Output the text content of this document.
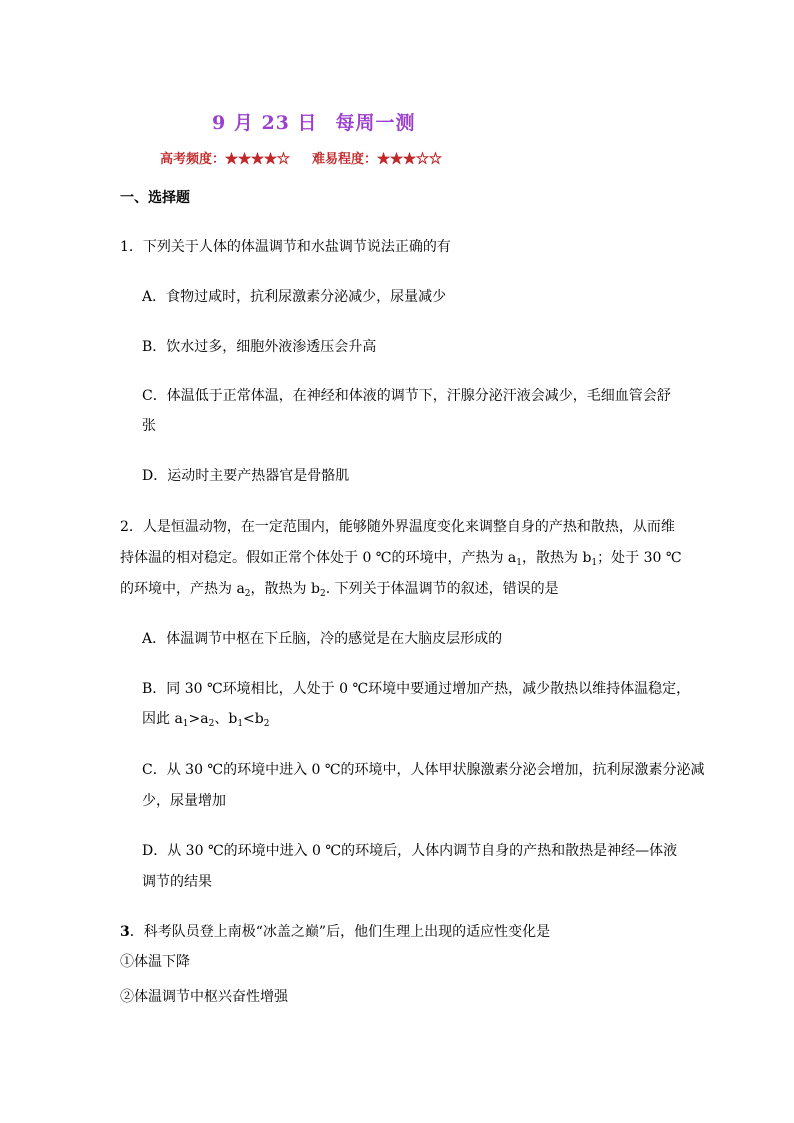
9 月 23 日 每周一测
高考频度：★★★★☆ 难易程度：★★★☆☆
一、选择题
1．下列关于人体的体温调节和水盐调节说法正确的有
A．食物过咸时，抗利尿激素分泌减少，尿量减少
B．饮水过多，细胞外液渗透压会升高
C．体温低于正常体温，在神经和体液的调节下，汗腺分泌汗液会减少，毛细血管会舒
张
D．运动时主要产热器官是骨骼肌
2．人是恒温动物，在一定范围内，能够随外界温度变化来调整自身的产热和散热，从而维
持体温的相对稳定。假如正常个体处于 0 ℃的环境中，产热为 $a_1$，散热为 $b_1$；处于 30 ℃
的环境中，产热为 $a_2$，散热为 $b_2$. 下列关于体温调节的叙述，错误的是
A．体温调节中枢在下丘脑，冷的感觉是在大脑皮层形成的
B．同 30 ℃环境相比，人处于 0 ℃环境中要通过增加产热，减少散热以维持体温稳定，
因此 $a_1>a_2$、$b_1<b_2$
C．从 30 ℃的环境中进入 0 ℃的环境中，人体甲状腺激素分泌会增加，抗利尿激素分泌减
少，尿量增加
D．从 30 ℃的环境中进入 0 ℃的环境后，人体内调节自身的产热和散热是神经—体液
调节的结果
3．科考队员登上南极“冰盖之巅”后，他们生理上出现的适应性变化是
①体温下降
②体温调节中枢兴奋性增强
